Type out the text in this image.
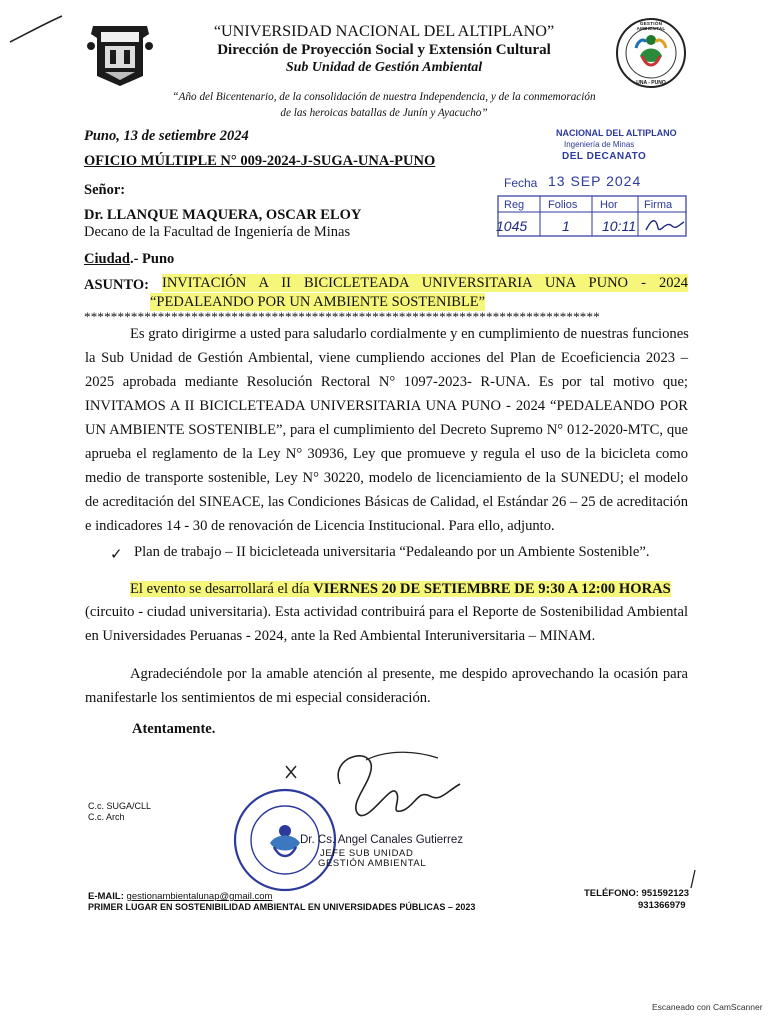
“UNIVERSIDAD NACIONAL DEL ALTIPLANO”
Dirección de Proyección Social y Extensión Cultural
Sub Unidad de Gestión Ambiental
GESTIÓN AMBIENTAL
UNA - PUNO
“Año del Bicentenario, de la consolidación de nuestra Independencia, y de la conmemoración
de las heroicas batallas de Junín y Ayacucho”
Puno, 13 de setiembre 2024
OFICIO MÚLTIPLE N° 009-2024-J-SUGA-UNA-PUNO
Señor:
Dr. LLANQUE MAQUERA, OSCAR ELOY
Decano de la Facultad de Ingeniería de Minas
Ciudad.- Puno
NACIONAL DEL ALTIPLANO
Ingeniería de Minas
DEL DECANATO
Fecha 13 SEP 2024
Reg Folios Hor Firma
1045 1 10:11
ASUNTO: INVITACIÓN A II BICICLETEADA UNIVERSITARIA UNA PUNO - 2024
“PEDALEANDO POR UN AMBIENTE SOSTENIBLE”
*****************************************************************************
Es grato dirigirme a usted para saludarlo cordialmente y en cumplimiento de nuestras funciones
la Sub Unidad de Gestión Ambiental, viene cumpliendo acciones del Plan de Ecoeficiencia 2023 –
2025 aprobada mediante Resolución Rectoral N° 1097-2023- R-UNA. Es por tal motivo que;
INVITAMOS A II BICICLETEADA UNIVERSITARIA UNA PUNO - 2024 “PEDALEANDO POR
UN AMBIENTE SOSTENIBLE”, para el cumplimiento del Decreto Supremo N° 012-2020-MTC, que
aprueba el reglamento de la Ley N° 30936, Ley que promueve y regula el uso de la bicicleta como
medio de transporte sostenible, Ley N° 30220, modelo de licenciamiento de la SUNEDU; el modelo
de acreditación del SINEACE, las Condiciones Básicas de Calidad, el Estándar 26 – 25 de acreditación
e indicadores 14 - 30 de renovación de Licencia Institucional. Para ello, adjunto.
✓ Plan de trabajo – II bicicleteada universitaria “Pedaleando por un Ambiente Sostenible”.
El evento se desarrollará el día VIERNES 20 DE SETIEMBRE DE 9:30 A 12:00 HORAS
(circuito - ciudad universitaria). Esta actividad contribuirá para el Reporte de Sostenibilidad Ambiental
en Universidades Peruanas - 2024, ante la Red Ambiental Interuniversitaria – MINAM.
Agradeciéndole por la amable atención al presente, me despido aprovechando la ocasión para
manifestarle los sentimientos de mi especial consideración.
Atentamente.
Dr. Cs. Angel Canales Gutierrez
JEFE SUB UNIDAD
GESTIÓN AMBIENTAL
C.c. SUGA/CLL
C.c. Arch
E-MAIL: gestionambientalunap@gmail.com
PRIMER LUGAR EN SOSTENIBILIDAD AMBIENTAL EN UNIVERSIDADES PÚBLICAS – 2023
TELÉFONO: 951592123
931366979
Escaneado con CamScanner
